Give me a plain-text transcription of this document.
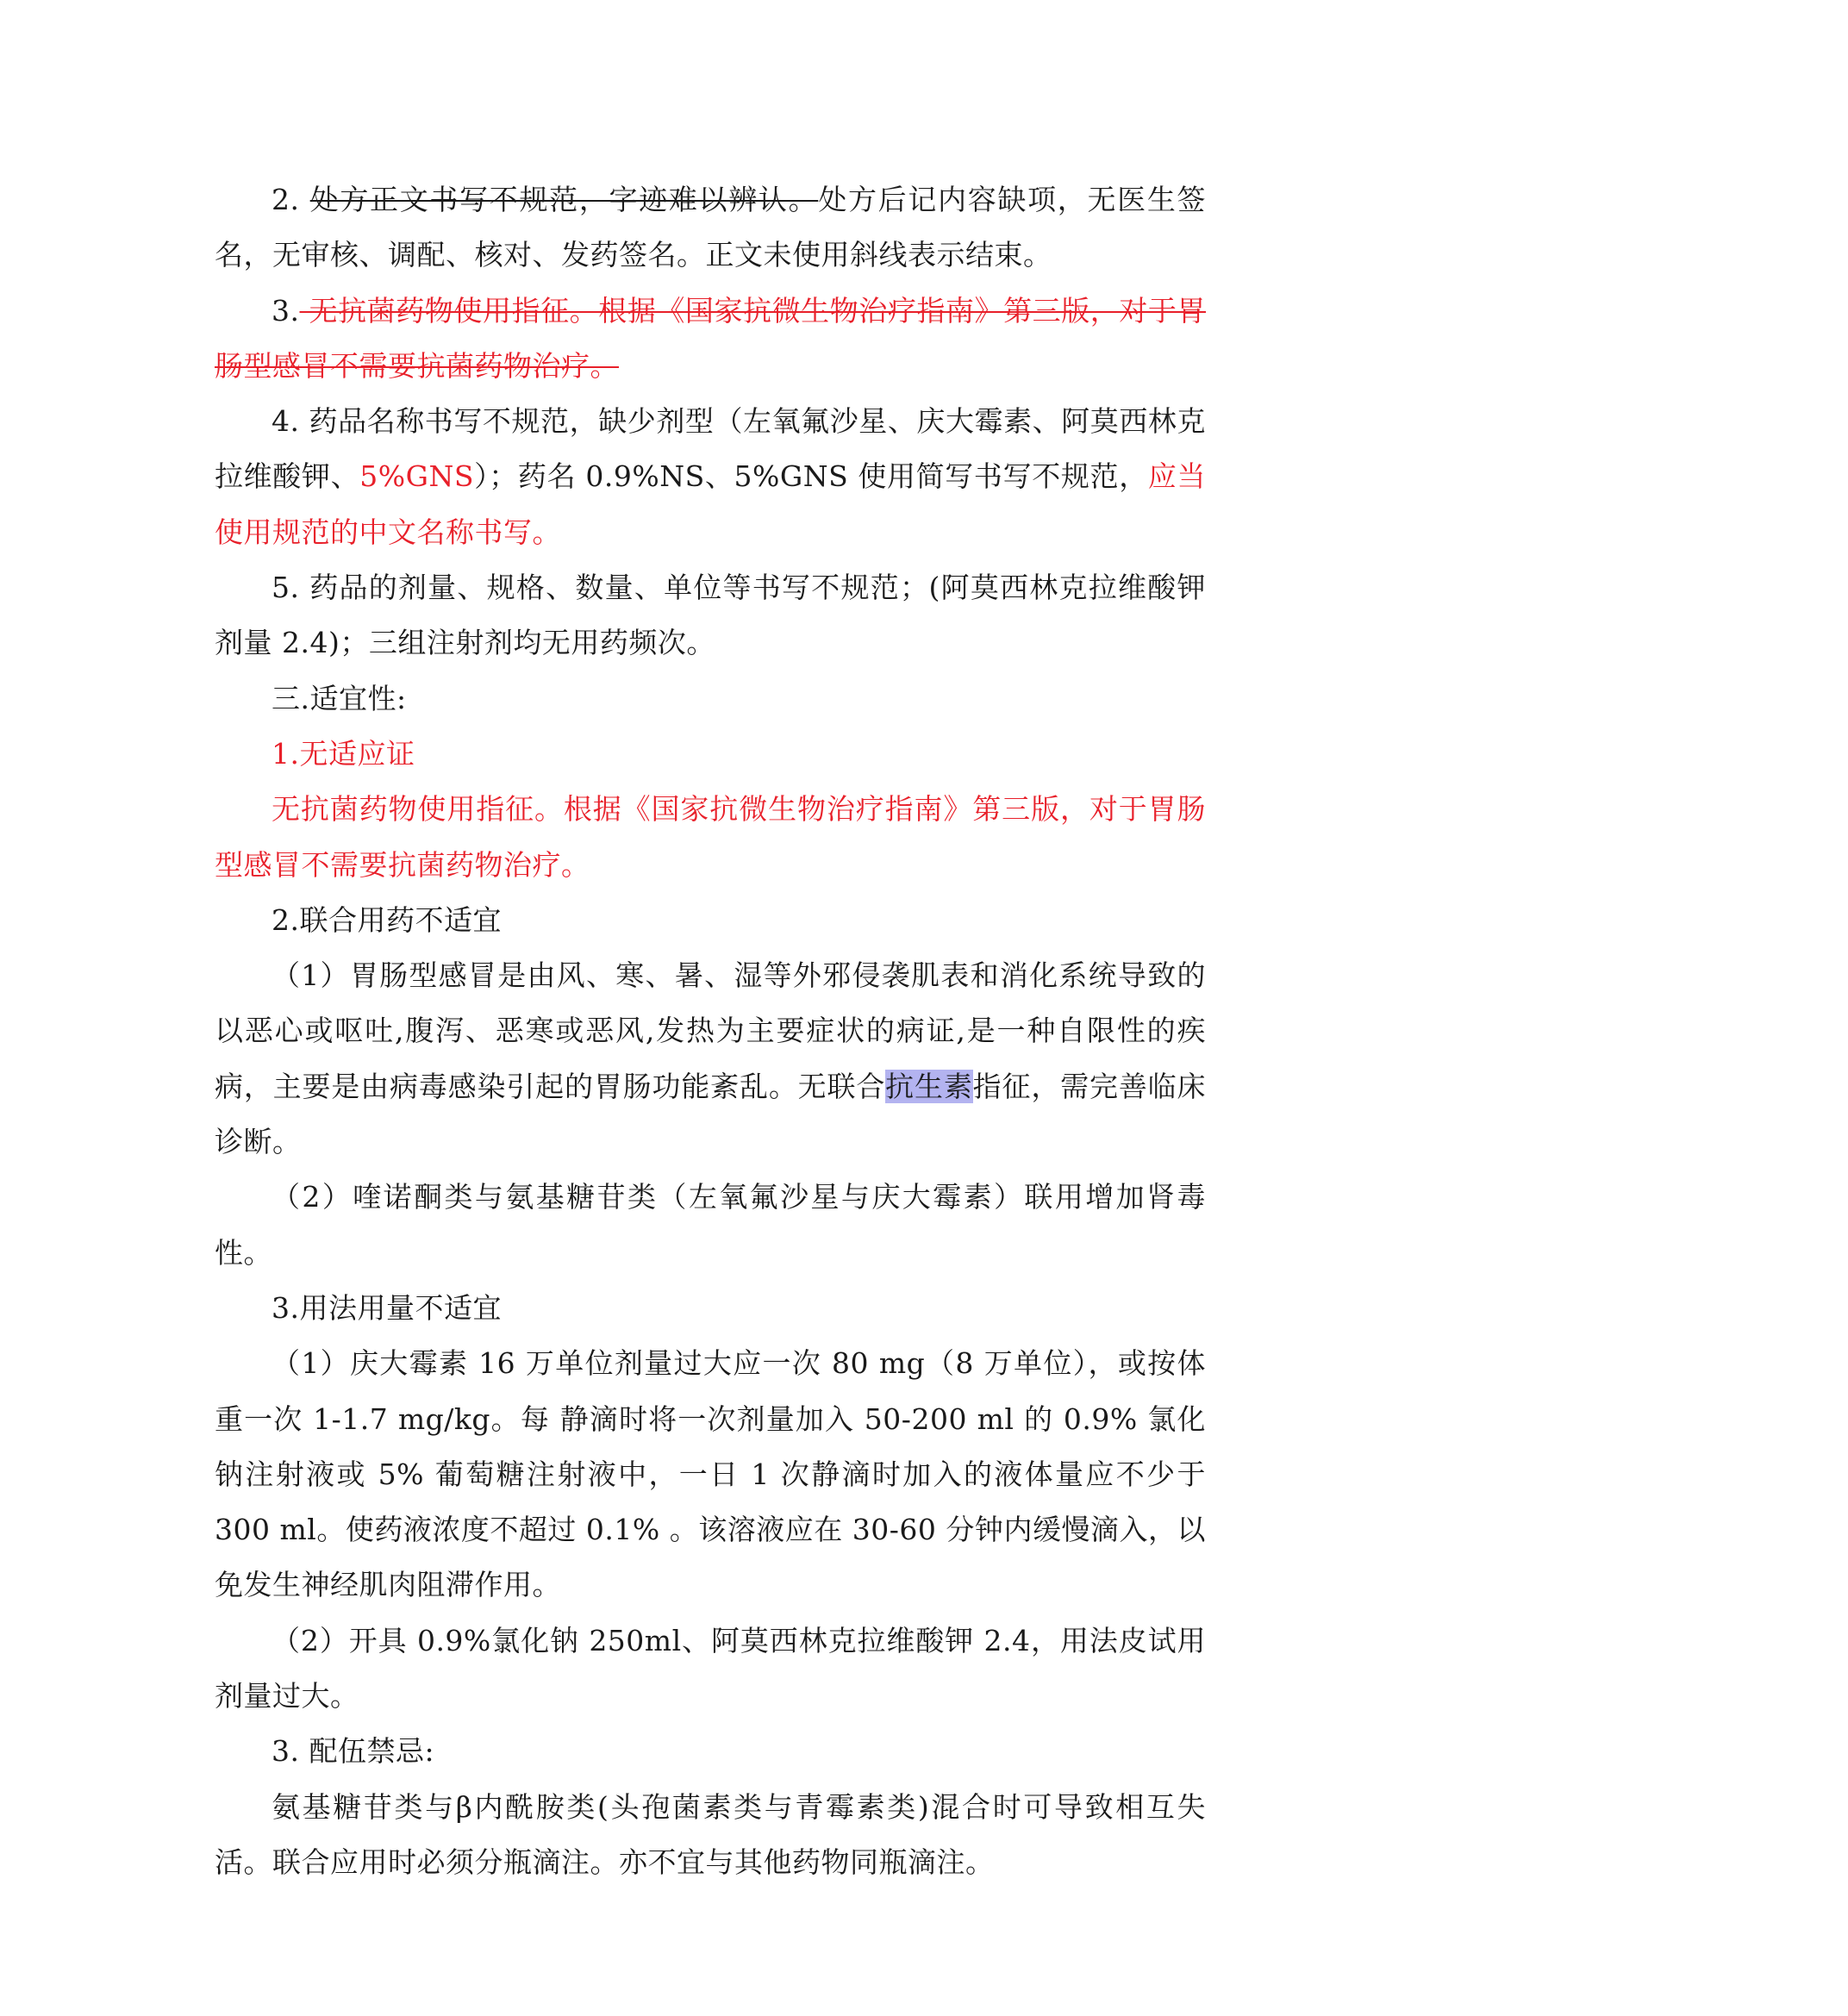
2. 处方正文书写不规范，字迹难以辨认。处方后记内容缺项，无医生签名，无审核、调配、核对、发药签名。正文未使用斜线表示结束。

3. 无抗菌药物使用指征。根据《国家抗微生物治疗指南》第三版，对于胃肠型感冒不需要抗菌药物治疗。

4. 药品名称书写不规范，缺少剂型（左氧氟沙星、庆大霉素、阿莫西林克拉维酸钾、5%GNS）；药名 0.9%NS、5%GNS 使用简写书写不规范，应当使用规范的中文名称书写。

5. 药品的剂量、规格、数量、单位等书写不规范；(阿莫西林克拉维酸钾剂量 2.4)；三组注射剂均无用药频次。

三.适宜性:

1.无适应证

无抗菌药物使用指征。根据《国家抗微生物治疗指南》第三版，对于胃肠型感冒不需要抗菌药物治疗。

2.联合用药不适宜

（1）胃肠型感冒是由风、寒、暑、湿等外邪侵袭肌表和消化系统导致的以恶心或呕吐,腹泻、恶寒或恶风,发热为主要症状的病证,是一种自限性的疾病，主要是由病毒感染引起的胃肠功能紊乱。无联合抗生素指征，需完善临床诊断。

（2）喹诺酮类与氨基糖苷类（左氧氟沙星与庆大霉素）联用增加肾毒性。

3.用法用量不适宜

（1）庆大霉素 16 万单位剂量过大应一次 80 mg（8 万单位），或按体重一次 1-1.7 mg/kg。每 静滴时将一次剂量加入 50-200 ml 的 0.9% 氯化钠注射液或 5% 葡萄糖注射液中，一日 1 次静滴时加入的液体量应不少于 300 ml。使药液浓度不超过 0.1% 。该溶液应在 30-60 分钟内缓慢滴入，以免发生神经肌肉阻滞作用。

（2）开具 0.9%氯化钠 250ml、阿莫西林克拉维酸钾 2.4，用法皮试用剂量过大。

3. 配伍禁忌:

氨基糖苷类与β内酰胺类(头孢菌素类与青霉素类)混合时可导致相互失活。联合应用时必须分瓶滴注。亦不宜与其他药物同瓶滴注。
